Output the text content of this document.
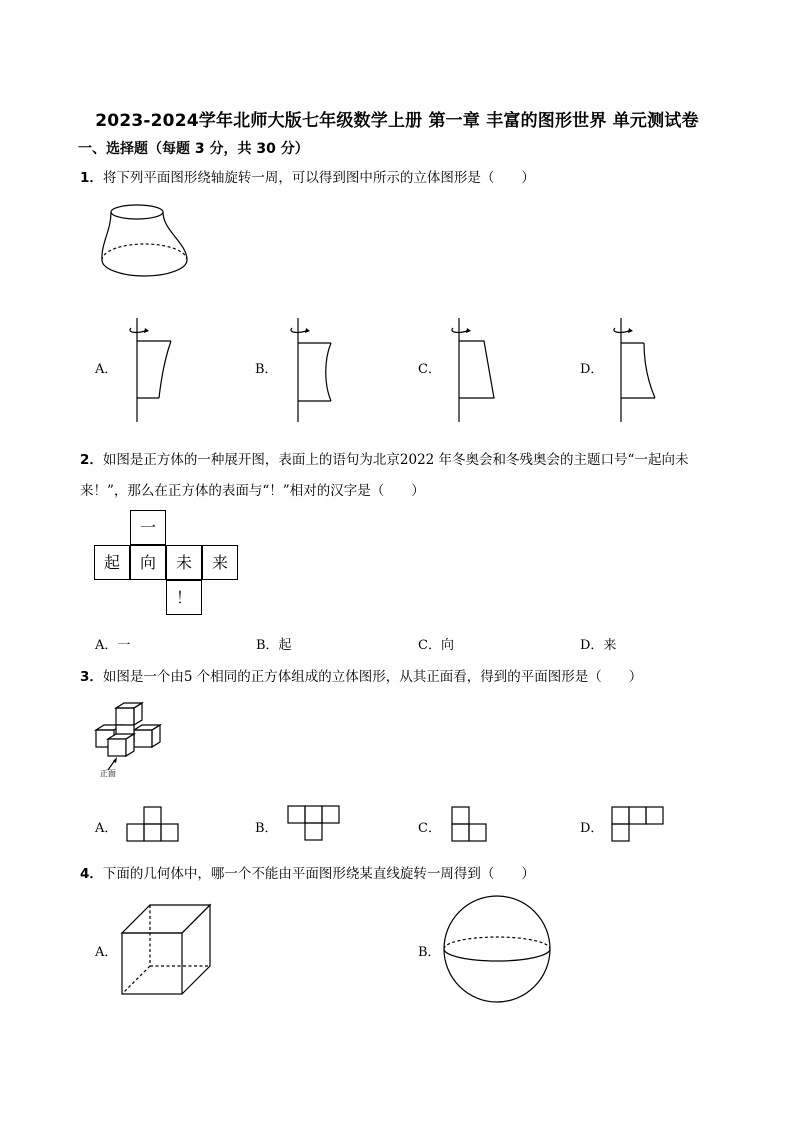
2023-2024学年北师大版七年级数学上册 第一章 丰富的图形世界 单元测试卷
一、选择题（每题 3 分，共 30 分）
1．将下列平面图形绕轴旋转一周，可以得到图中所示的立体图形是（　　）
A．	B．	C．	D．
2．如图是正方体的一种展开图，表面上的语句为北京2022 年冬奥会和冬残奥会的主题口号“一起向未
来！”，那么在正方体的表面与“！”相对的汉字是（　　）
一
起	向	未	来
！
A．一	B．起	C．向	D．来
3．如图是一个由5 个相同的正方体组成的立体图形，从其正面看，得到的平面图形是（　　）
正面
A．	B．	C．	D．
4．下面的几何体中，哪一个不能由平面图形绕某直线旋转一周得到（　　）
A．	B．
